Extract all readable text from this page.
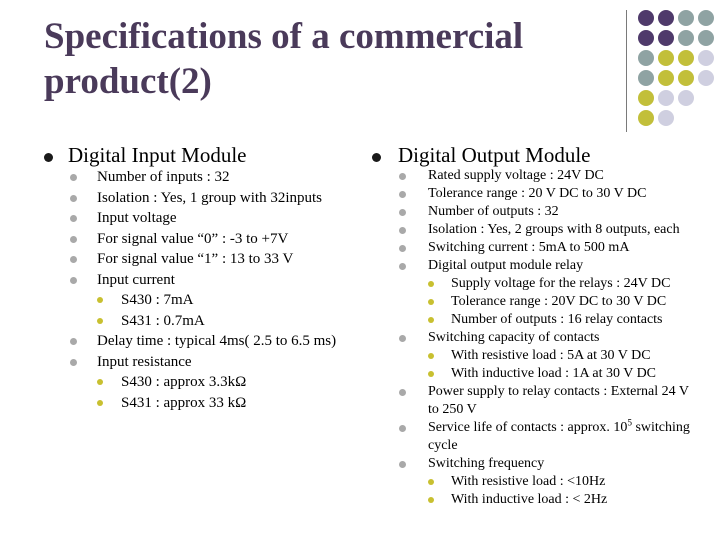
Specifications of a commercial
product(2)
Digital Input Module
Number of inputs : 32
Isolation : Yes, 1 group with 32inputs
Input voltage
For signal value “0” : -3 to +7V
For signal value “1” : 13 to 33 V
Input current
S430 : 7mA
S431 : 0.7mA
Delay time : typical 4ms( 2.5 to 6.5 ms)
Input resistance
S430 : approx 3.3kΩ
S431 : approx 33 kΩ
Digital Output Module
Rated supply voltage : 24V DC
Tolerance range : 20 V DC to 30 V DC
Number of outputs : 32
Isolation : Yes, 2 groups with 8 outputs, each
Switching current : 5mA to 500 mA
Digital output module relay
Supply voltage for the relays : 24V DC
Tolerance range : 20V DC to 30 V DC
Number of outputs : 16 relay contacts
Switching capacity of contacts
With resistive load : 5A at 30 V DC
With inductive load : 1A at 30 V DC
Power supply to relay contacts : External 24 V
to 250 V
Service life of contacts : approx. $10^5$ switching
cycle
Switching frequency
With resistive load : <10Hz
With inductive load : < 2Hz
